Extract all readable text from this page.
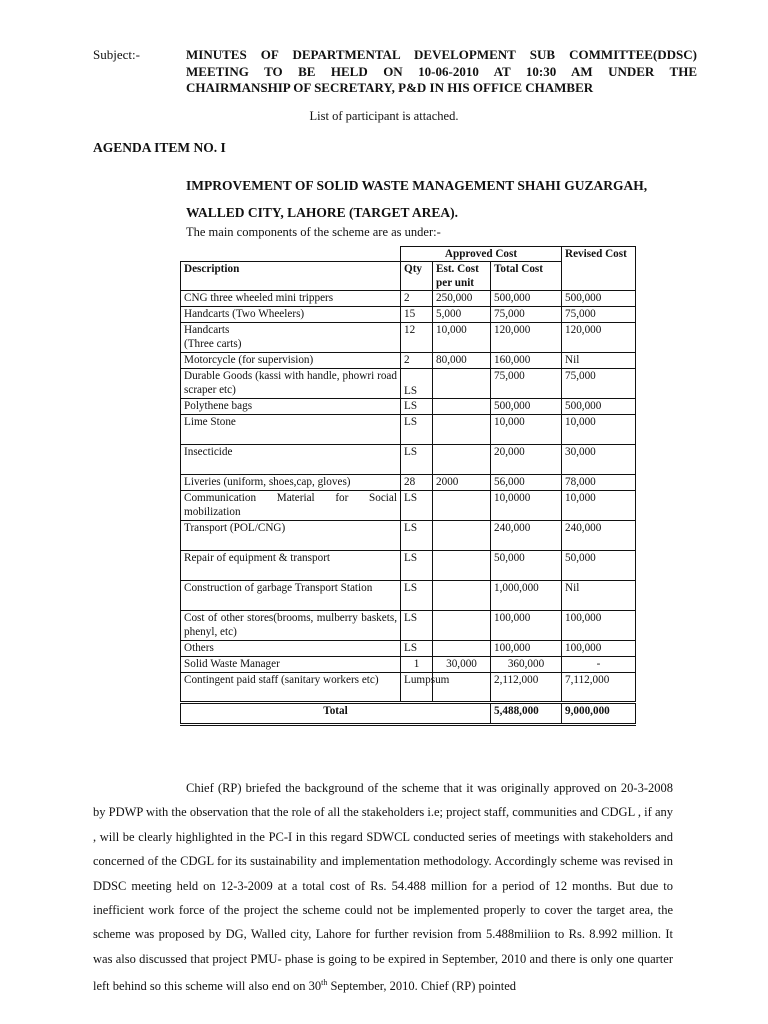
Subject:-	MINUTES OF DEPARTMENTAL DEVELOPMENT SUB COMMITTEE(DDSC)
MEETING TO BE HELD ON 10-06-2010 AT 10:30 AM UNDER THE
CHAIRMANSHIP OF SECRETARY, P&D IN HIS OFFICE CHAMBER
List of participant is attached.
AGENDA ITEM NO. I
IMPROVEMENT OF SOLID WASTE MANAGEMENT SHAHI GUZARGAH,
WALLED CITY, LAHORE (TARGET AREA).
The main components of the scheme are as under:-
	Approved Cost			Revised Cost
Description	Qty	Est. Cost per unit	Total Cost	
CNG three wheeled mini trippers	2	250,000	500,000	500,000
Handcarts (Two Wheelers)	15	5,000	75,000	75,000

Handcarts
(Three carts)	12	10,000	120,000	120,000
Motorcycle (for supervision)	2	80,000	160,000	Nil
Durable Goods (kassi with handle, phowri road scraper etc)	LS		75,000	75,000
Polythene bags	LS		500,000	500,000
Lime Stone	LS		10,000	10,000
Insecticide	LS		20,000	30,000
Liveries (uniform, shoes,cap, gloves)	28	2000	56,000	78,000
Communication Material for Social mobilization	LS		10,0000	10,000
Transport (POL/CNG)	LS		240,000	240,000
Repair of equipment & transport	LS		50,000	50,000
Construction of garbage Transport Station	LS		1,000,000	Nil
Cost of other stores(brooms, mulberry baskets, phenyl, etc)	LS		100,000	100,000
Others	LS		100,000	100,000
Solid Waste Manager	1	30,000	360,000	-
Contingent paid staff (sanitary workers etc)	Lumpsum		2,112,000	7,112,000
Total			5,488,000	9,000,000

Chief (RP) briefed the background of the scheme that it was originally approved on 20-3-2008 by PDWP with the observation that the role of all the stakeholders i.e; project staff, communities and CDGL , if any , will be clearly highlighted in the PC-I in this regard SDWCL conducted series of meetings with stakeholders and concerned of the CDGL for its sustainability and implementation methodology. Accordingly scheme was revised in DDSC meeting held on 12-3-2009 at a total cost of Rs. 54.488 million for a period of 12 months. But due to inefficient work force of the project the scheme could not be implemented properly to cover the target area, the scheme was proposed by DG, Walled city, Lahore for further revision from 5.488miliion to Rs. 8.992 million. It was also discussed that project PMU- phase is going to be expired in September, 2010 and there is only one quarter left behind so this scheme will also end on 30th September, 2010. Chief (RP) pointed
